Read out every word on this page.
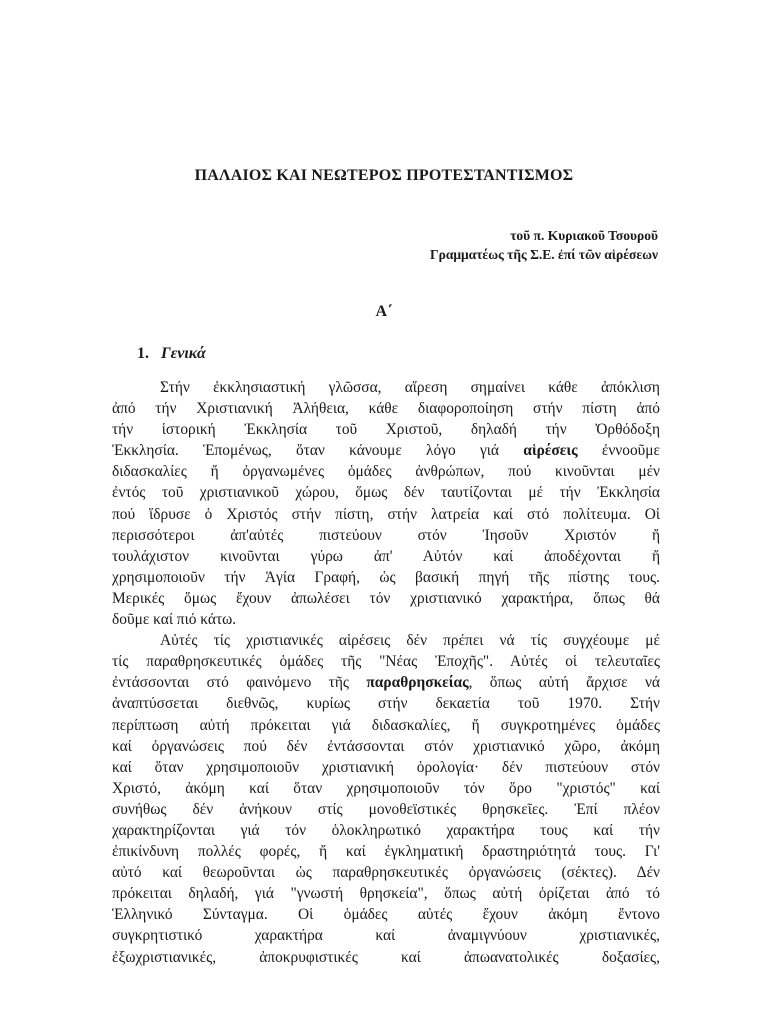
ΠΑΛΑΙΟΣ ΚΑΙ ΝΕΩΤΕΡΟΣ ΠΡΟΤΕΣΤΑΝΤΙΣΜΟΣ
τοῦ π. Κυριακοῦ Τσουροῦ
Γραμματέως τῆς Σ.Ε. ἐπί τῶν αἱρέσεων
Α΄
1. Γενικά
Στήν ἐκκλησιαστική γλῶσσα, αἵρεση σημαίνει κάθε ἀπόκλιση
ἀπό τήν Χριστιανική Ἀλήθεια, κάθε διαφοροποίηση στήν πίστη ἀπό
τήν ἱστορική Ἐκκλησία τοῦ Χριστοῦ, δηλαδή τήν Ὀρθόδοξη
Ἐκκλησία. Ἑπομένως, ὅταν κάνουμε λόγο γιά αἱρέσεις ἐννοοῦμε
διδασκαλίες ἤ ὀργανωμένες ὁμάδες ἀνθρώπων, πού κινοῦνται μέν
ἐντός τοῦ χριστιανικοῦ χώρου, ὅμως δέν ταυτίζονται μέ τήν Ἐκκλησία
πού ἵδρυσε ὁ Χριστός στήν πίστη, στήν λατρεία καί στό πολίτευμα. Οἱ
περισσότεροι ἀπ'αὐτές πιστεύουν στόν Ἰησοῦν Χριστόν ἤ
τουλάχιστον κινοῦνται γύρω ἀπ' Αὐτόν καί ἀποδέχονται ἤ
χρησιμοποιοῦν τήν Ἁγία Γραφή, ὡς βασική πηγή τῆς πίστης τους.
Μερικές ὅμως ἔχουν ἀπωλέσει τόν χριστιανικό χαρακτήρα, ὅπως θά
δοῦμε καί πιό κάτω.
Αὐτές τίς χριστιανικές αἱρέσεις δέν πρέπει νά τίς συγχέουμε μέ
τίς παραθρησκευτικές ὁμάδες τῆς "Νέας Ἐποχῆς". Αὐτές οἱ τελευταῖες
ἐντάσσονται στό φαινόμενο τῆς παραθρησκείας, ὅπως αὐτή ἄρχισε νά
ἀναπτύσσεται διεθνῶς, κυρίως στήν δεκαετία τοῦ 1970. Στήν
περίπτωση αὐτή πρόκειται γιά διδασκαλίες, ἤ συγκροτημένες ὁμάδες
καί ὀργανώσεις πού δέν ἐντάσσονται στόν χριστιανικό χῶρο, ἀκόμη
καί ὅταν χρησιμοποιοῦν χριστιανική ὁρολογία· δέν πιστεύουν στόν
Χριστό, ἀκόμη καί ὅταν χρησιμοποιοῦν τόν ὅρο "χριστός" καί
συνήθως δέν ἀνήκουν στίς μονοθεϊστικές θρησκεῖες. Ἐπί πλέον
χαρακτηρίζονται γιά τόν ὁλοκληρωτικό χαρακτήρα τους καί τήν
ἐπικίνδυνη πολλές φορές, ἤ καί ἐγκληματική δραστηριότητά τους. Γι'
αὐτό καί θεωροῦνται ὡς παραθρησκευτικές ὀργανώσεις (σέκτες). Δέν
πρόκειται δηλαδή, γιά "γνωστή θρησκεία", ὅπως αὐτή ὁρίζεται ἀπό τό
Ἑλληνικό Σύνταγμα. Οἱ ὁμάδες αὐτές ἔχουν ἀκόμη ἔντονο
συγκρητιστικό χαρακτήρα καί ἀναμιγνύουν χριστιανικές,
ἐξωχριστιανικές, ἀποκρυφιστικές καί ἀπωανατολικές δοξασίες,
